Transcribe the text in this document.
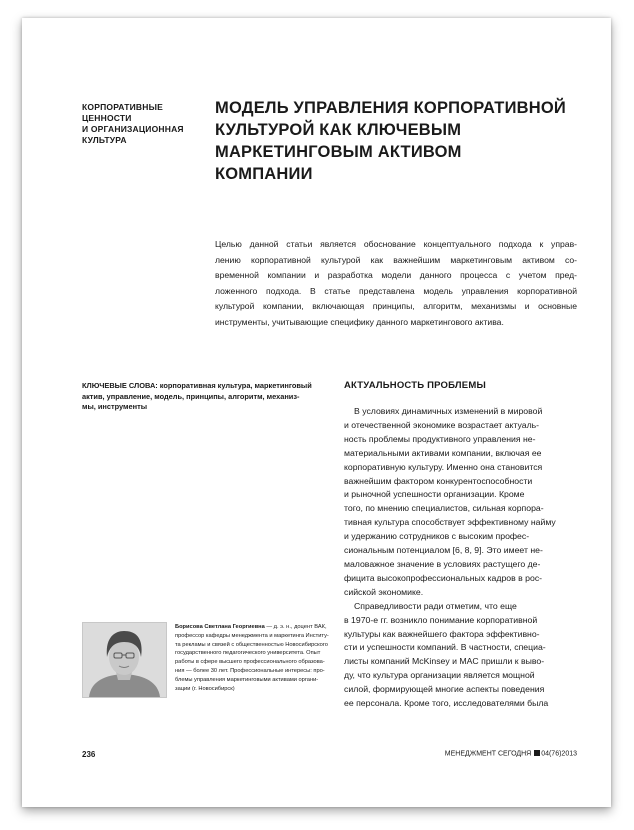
КОРПОРАТИВНЫЕ
ЦЕННОСТИ
И ОРГАНИЗАЦИОННАЯ
КУЛЬТУРА
МОДЕЛЬ УПРАВЛЕНИЯ КОРПОРАТИВНОЙ
КУЛЬТУРОЙ КАК КЛЮЧЕВЫМ
МАРКЕТИНГОВЫМ АКТИВОМ
КОМПАНИИ
Целью данной статьи является обоснование концептуального подхода к управ-
лению корпоративной культурой как важнейшим маркетинговым активом со-
временной компании и разработка модели данного процесса с учетом пред-
ложенного подхода. В статье представлена модель управления корпоративной
культурой компании, включающая принципы, алгоритм, механизмы и основные
инструменты, учитывающие специфику данного маркетингового актива.
КЛЮЧЕВЫЕ СЛОВА: корпоративная культура, маркетинговый
актив, управление, модель, принципы, алгоритм, механиз-
мы, инструменты
АКТУАЛЬНОСТЬ ПРОБЛЕМЫ
В условиях динамичных изменений в мировой
и отечественной экономике возрастает актуаль-
ность проблемы продуктивного управления не-
материальными активами компании, включая ее
корпоративную культуру. Именно она становится
важнейшим фактором конкурентоспособности
и рыночной успешности организации. Кроме
того, по мнению специалистов, сильная корпора-
тивная культура способствует эффективному найму
и удержанию сотрудников с высоким профес-
сиональным потенциалом [6, 8, 9]. Это имеет не-
маловажное значение в условиях растущего де-
фицита высокопрофессиональных кадров в рос-
сийской экономике.
Справедливости ради отметим, что еще
в 1970-е гг. возникло понимание корпоративной
культуры как важнейшего фактора эффективно-
сти и успешности компаний. В частности, специа-
листы компаний McKinsey и MAC пришли к выво-
ду, что культура организации является мощной
силой, формирующей многие аспекты поведения
ее персонала. Кроме того, исследователями была
Борисова Светлана Георгиевна — д. э. н., доцент ВАК,
профессор кафедры менеджмента и маркетинга Институ-
та рекламы и связей с общественностью Новосибирского
государственного педагогического университета. Опыт
работы в сфере высшего профессионального образова-
ния — более 30 лет. Профессиональные интересы: про-
блемы управления маркетинговыми активами органи-
зации (г. Новосибирск)
236	МЕНЕДЖМЕНТ СЕГОДНЯ 04(76)2013
